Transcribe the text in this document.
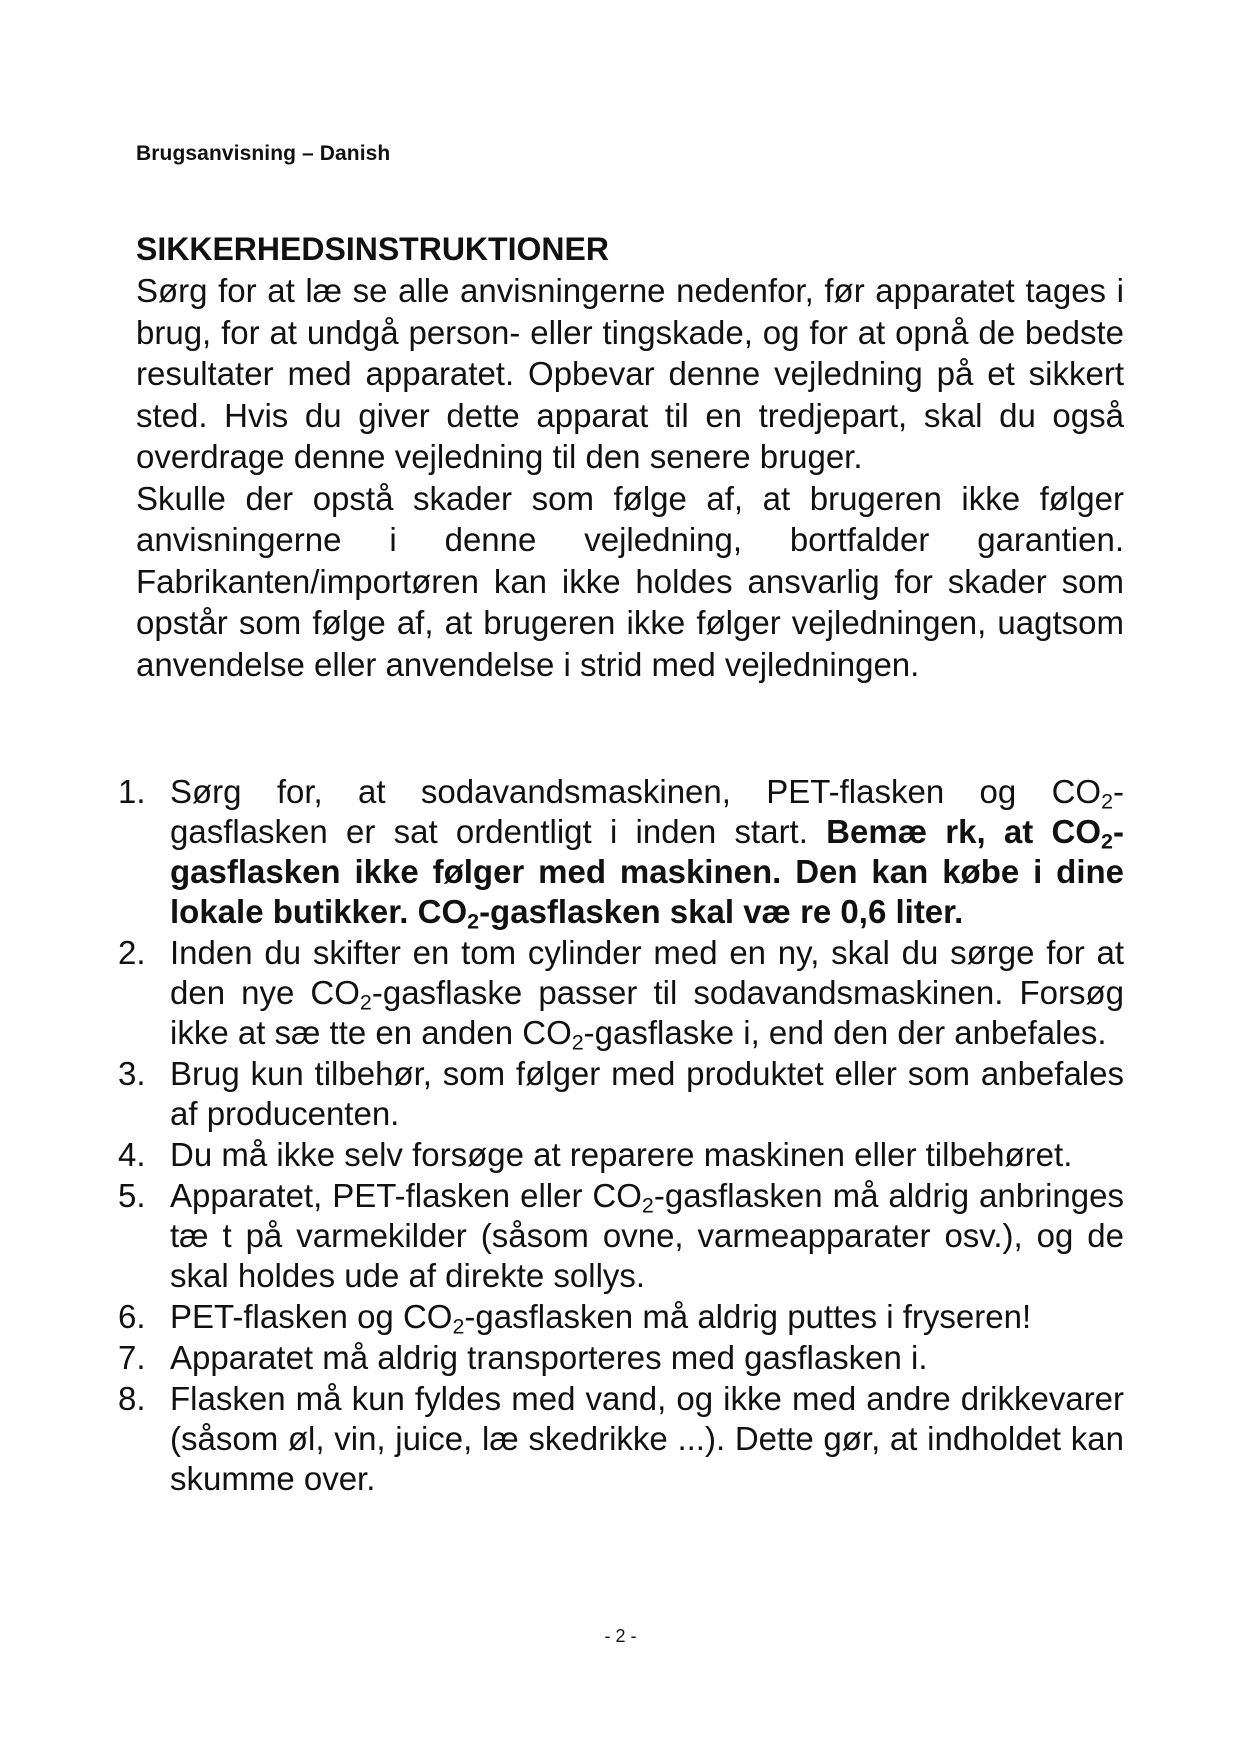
Brugsanvisning – Danish
SIKKERHEDSINSTRUKTIONER

Sørg for at læ se alle anvisningerne nedenfor, før apparatet tages i brug, for at undgå person- eller tingskade, og for at opnå de bedste resultater med apparatet. Opbevar denne vejledning på et sikkert sted. Hvis du giver dette apparat til en tredjepart, skal du også overdrage denne vejledning til den senere bruger.

Skulle der opstå skader som følge af, at brugeren ikke følger anvisningerne i denne vejledning, bortfalder garantien. Fabrikanten/importøren kan ikke holdes ansvarlig for skader som opstår som følge af, at brugeren ikke følger vejledningen, uagtsom anvendelse eller anvendelse i strid med vejledningen.

1. Sørg for, at sodavandsmaskinen, PET-flasken og $CO_2$-gasflasken er sat ordentligt i inden start. Bemæ rk, at $CO_2$-gasflasken ikke følger med maskinen. Den kan købe i dine lokale butikker. $CO_2$-gasflasken skal væ re 0,6 liter.
2. Inden du skifter en tom cylinder med en ny, skal du sørge for at den nye $CO_2$-gasflaske passer til sodavandsmaskinen. Forsøg ikke at sæ tte en anden $CO_2$-gasflaske i, end den der anbefales.
3. Brug kun tilbehør, som følger med produktet eller som anbefales af producenten.
4. Du må ikke selv forsøge at reparere maskinen eller tilbehøret.
5. Apparatet, PET-flasken eller $CO_2$-gasflasken må aldrig anbringes tæ t på varmekilder (såsom ovne, varmeapparater osv.), og de skal holdes ude af direkte sollys.
6. PET-flasken og $CO_2$-gasflasken må aldrig puttes i fryseren!
7. Apparatet må aldrig transporteres med gasflasken i.
8. Flasken må kun fyldes med vand, og ikke med andre drikkevarer (såsom øl, vin, juice, læ skedrikke ...). Dette gør, at indholdet kan skumme over.
- 2 -
